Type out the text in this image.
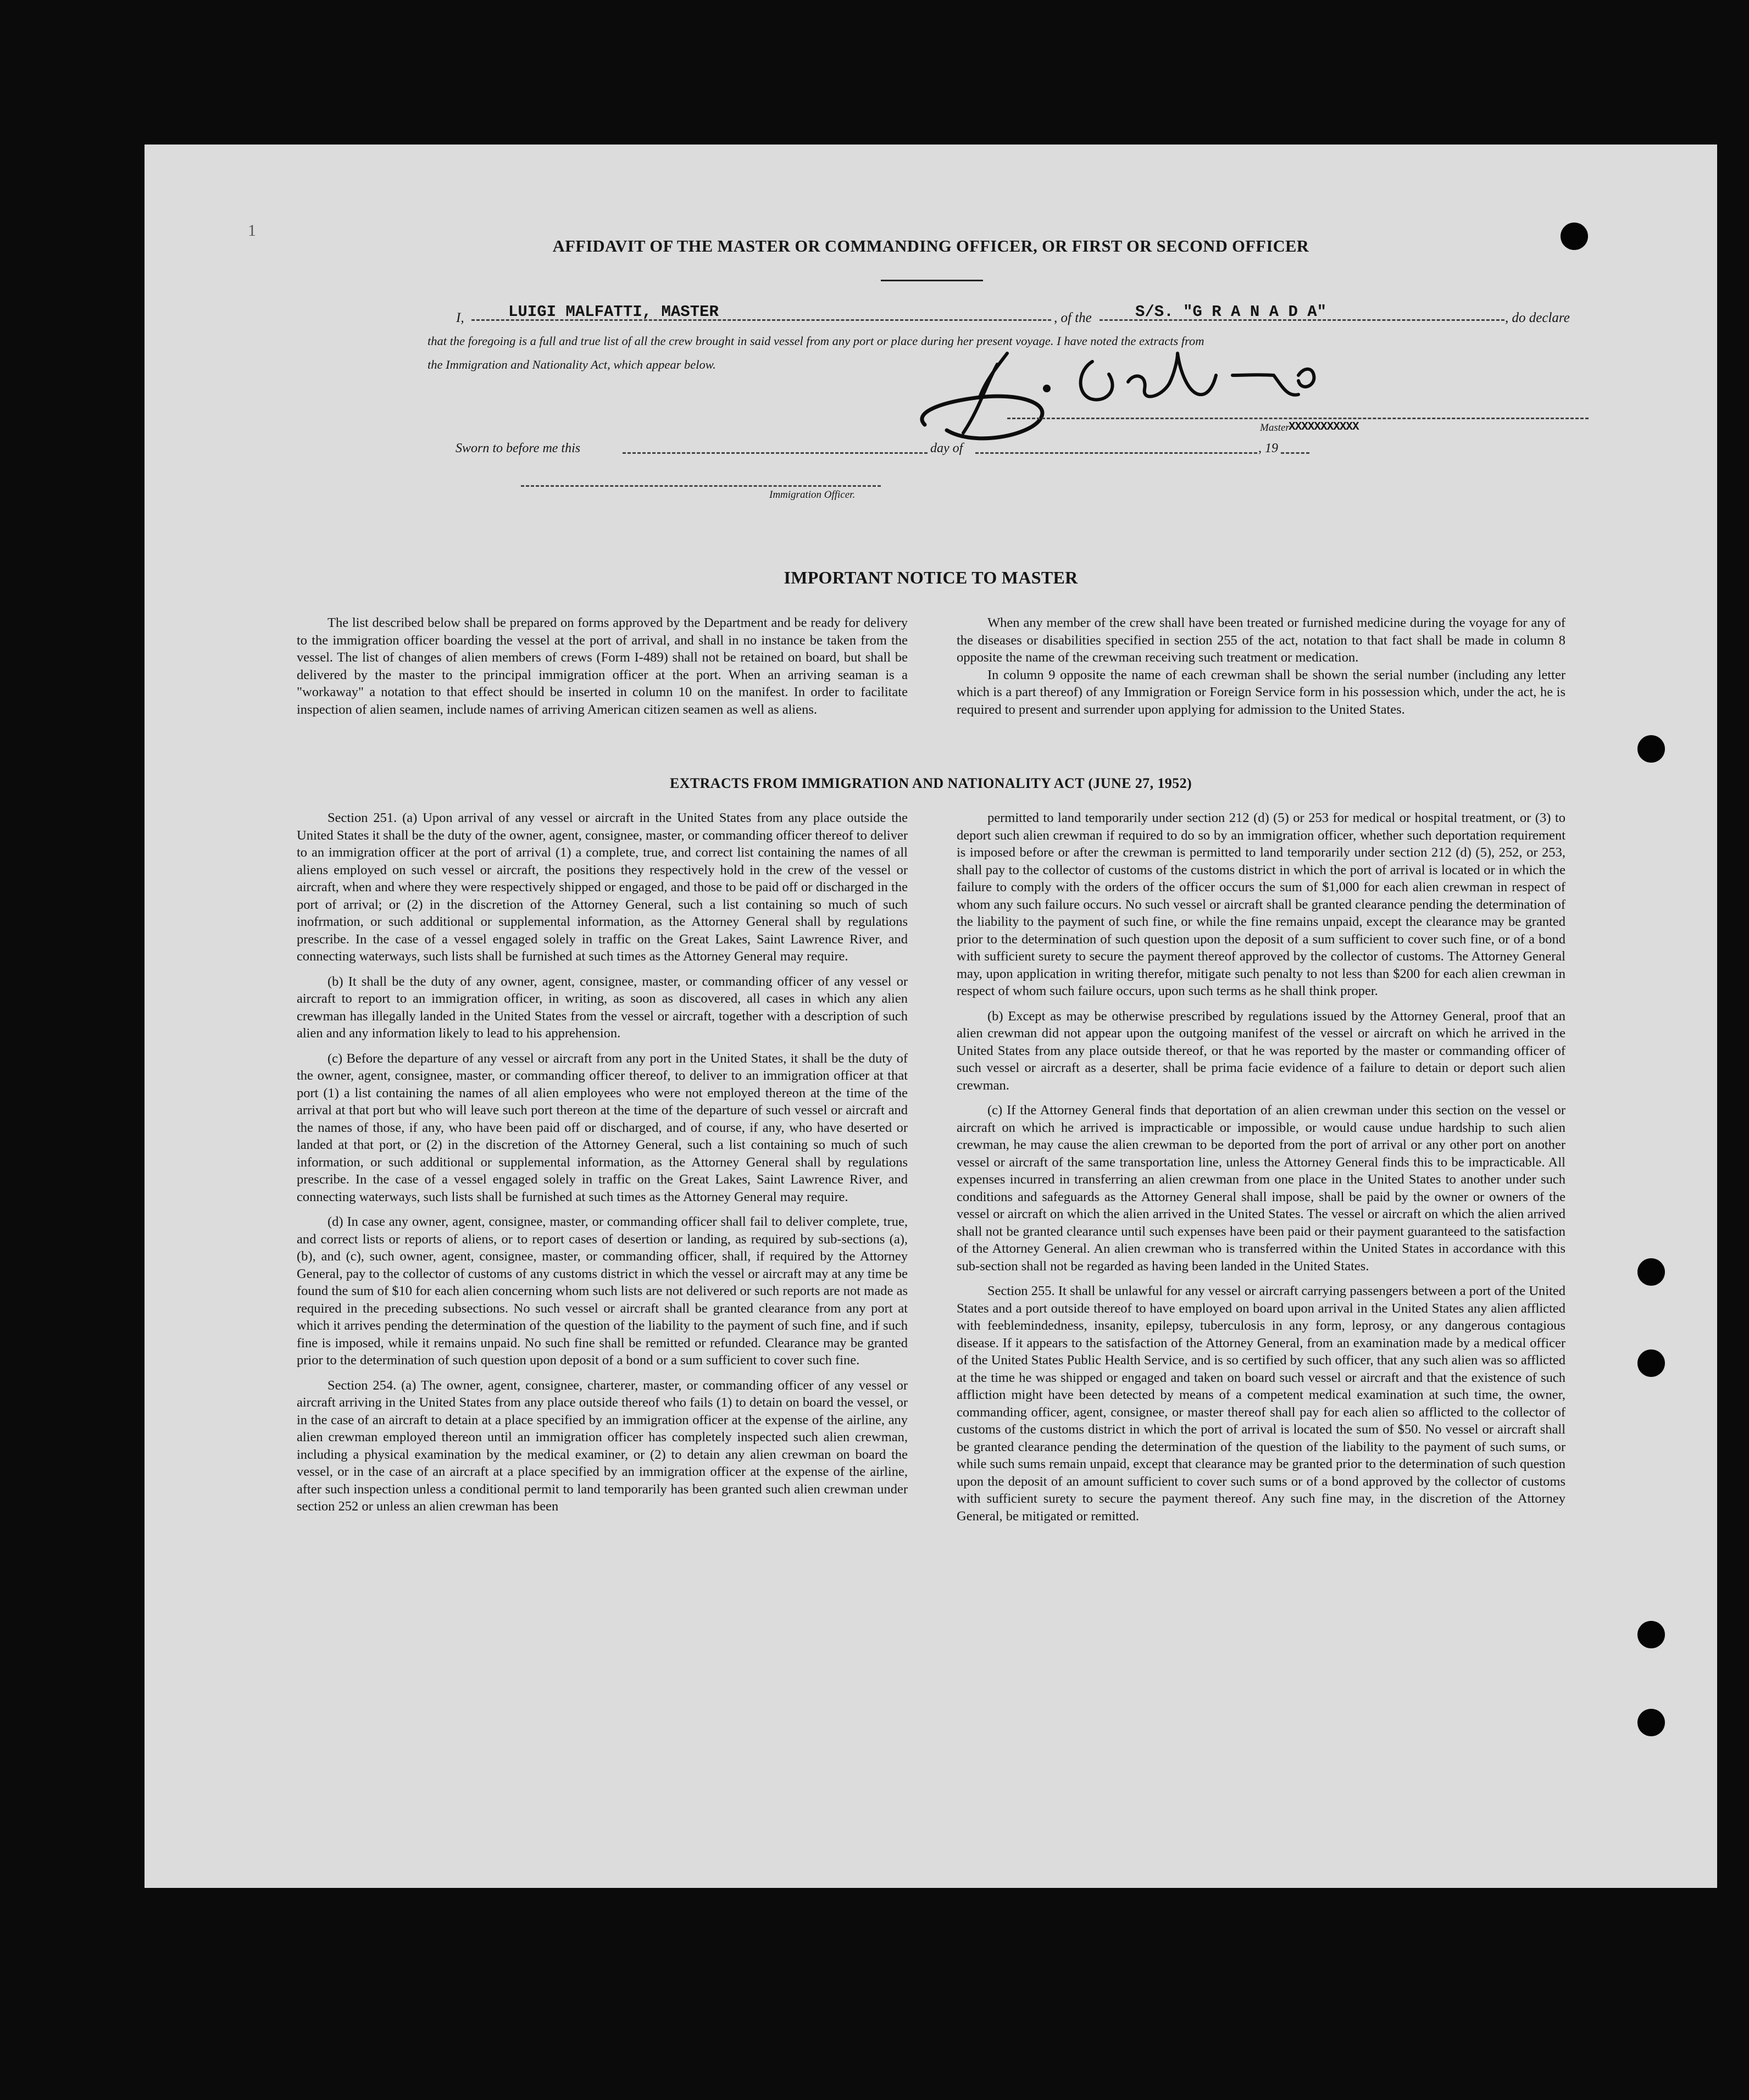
1
AFFIDAVIT OF THE MASTER OR COMMANDING OFFICER, OR FIRST OR SECOND OFFICER
I,	LUIGI MALFATTI, MASTER	, of the	S/S. "G R A N A D A"	, do declare
that the foregoing is a full and true list of all the crew brought in said vessel from any port or place during her present voyage. I have noted the extracts from
the Immigration and Nationality Act, which appear below.
Master
XXXXXXXXXXX
Sworn to before me this	day of	, 19
Immigration Officer.
IMPORTANT NOTICE TO MASTER

The list described below shall be prepared on forms approved by the Department and be ready for delivery to the immigration officer boarding the vessel at the port of arrival, and shall in no instance be taken from the vessel. The list of changes of alien members of crews (Form I-489) shall not be retained on board, but shall be delivered by the master to the principal immigration officer at the port. When an arriving seaman is a "workaway" a notation to that effect should be inserted in column 10 on the manifest. In order to facilitate inspection of alien seamen, include names of arriving American citizen seamen as well as aliens.

When any member of the crew shall have been treated or furnished medicine during the voyage for any of the diseases or disabilities specified in section 255 of the act, notation to that fact shall be made in column 8 opposite the name of the crewman receiving such treatment or medication.

In column 9 opposite the name of each crewman shall be shown the serial number (including any letter which is a part thereof) of any Immigration or Foreign Service form in his possession which, under the act, he is required to present and surrender upon applying for admission to the United States.

EXTRACTS FROM IMMIGRATION AND NATIONALITY ACT (JUNE 27, 1952)

Section 251. (a) Upon arrival of any vessel or aircraft in the United States from any place outside the United States it shall be the duty of the owner, agent, consignee, master, or commanding officer thereof to deliver to an immigration officer at the port of arrival (1) a complete, true, and correct list containing the names of all aliens employed on such vessel or aircraft, the positions they respectively hold in the crew of the vessel or aircraft, when and where they were respectively shipped or engaged, and those to be paid off or discharged in the port of arrival; or (2) in the discretion of the Attorney General, such a list containing so much of such inofrmation, or such additional or supplemental information, as the Attorney General shall by regulations prescribe. In the case of a vessel engaged solely in traffic on the Great Lakes, Saint Lawrence River, and connecting waterways, such lists shall be furnished at such times as the Attorney General may require.

(b) It shall be the duty of any owner, agent, consignee, master, or commanding officer of any vessel or aircraft to report to an immigration officer, in writing, as soon as discovered, all cases in which any alien crewman has illegally landed in the United States from the vessel or aircraft, together with a description of such alien and any information likely to lead to his apprehension.

(c) Before the departure of any vessel or aircraft from any port in the United States, it shall be the duty of the owner, agent, consignee, master, or commanding officer thereof, to deliver to an immigration officer at that port (1) a list containing the names of all alien employees who were not employed thereon at the time of the arrival at that port but who will leave such port thereon at the time of the departure of such vessel or aircraft and the names of those, if any, who have been paid off or discharged, and of course, if any, who have deserted or landed at that port, or (2) in the discretion of the Attorney General, such a list containing so much of such information, or such additional or supplemental information, as the Attorney General shall by regulations prescribe. In the case of a vessel engaged solely in traffic on the Great Lakes, Saint Lawrence River, and connecting waterways, such lists shall be furnished at such times as the Attorney General may require.

(d) In case any owner, agent, consignee, master, or commanding officer shall fail to deliver complete, true, and correct lists or reports of aliens, or to report cases of desertion or landing, as required by sub-sections (a), (b), and (c), such owner, agent, consignee, master, or commanding officer, shall, if required by the Attorney General, pay to the collector of customs of any customs district in which the vessel or aircraft may at any time be found the sum of $10 for each alien concerning whom such lists are not delivered or such reports are not made as required in the preceding subsections. No such vessel or aircraft shall be granted clearance from any port at which it arrives pending the determination of the question of the liability to the payment of such fine, and if such fine is imposed, while it remains unpaid. No such fine shall be remitted or refunded. Clearance may be granted prior to the determination of such question upon deposit of a bond or a sum sufficient to cover such fine.

Section 254. (a) The owner, agent, consignee, charterer, master, or commanding officer of any vessel or aircraft arriving in the United States from any place outside thereof who fails (1) to detain on board the vessel, or in the case of an aircraft to detain at a place specified by an immigration officer at the expense of the airline, any alien crewman employed thereon until an immigration officer has completely inspected such alien crewman, including a physical examination by the medical examiner, or (2) to detain any alien crewman on board the vessel, or in the case of an aircraft at a place specified by an immigration officer at the expense of the airline, after such inspection unless a conditional permit to land temporarily has been granted such alien crewman under section 252 or unless an alien crewman has been

permitted to land temporarily under section 212 (d) (5) or 253 for medical or hospital treatment, or (3) to deport such alien crewman if required to do so by an immigration officer, whether such deportation requirement is imposed before or after the crewman is permitted to land temporarily under section 212 (d) (5), 252, or 253, shall pay to the collector of customs of the customs district in which the port of arrival is located or in which the failure to comply with the orders of the officer occurs the sum of $1,000 for each alien crewman in respect of whom any such failure occurs. No such vessel or aircraft shall be granted clearance pending the determination of the liability to the payment of such fine, or while the fine remains unpaid, except the clearance may be granted prior to the determination of such question upon the deposit of a sum sufficient to cover such fine, or of a bond with sufficient surety to secure the payment thereof approved by the collector of customs. The Attorney General may, upon application in writing therefor, mitigate such penalty to not less than $200 for each alien crewman in respect of whom such failure occurs, upon such terms as he shall think proper.

(b) Except as may be otherwise prescribed by regulations issued by the Attorney General, proof that an alien crewman did not appear upon the outgoing manifest of the vessel or aircraft on which he arrived in the United States from any place outside thereof, or that he was reported by the master or commanding officer of such vessel or aircraft as a deserter, shall be prima facie evidence of a failure to detain or deport such alien crewman.

(c) If the Attorney General finds that deportation of an alien crewman under this section on the vessel or aircraft on which he arrived is impracticable or impossible, or would cause undue hardship to such alien crewman, he may cause the alien crewman to be deported from the port of arrival or any other port on another vessel or aircraft of the same transportation line, unless the Attorney General finds this to be impracticable. All expenses incurred in transferring an alien crewman from one place in the United States to another under such conditions and safeguards as the Attorney General shall impose, shall be paid by the owner or owners of the vessel or aircraft on which the alien arrived in the United States. The vessel or aircraft on which the alien arrived shall not be granted clearance until such expenses have been paid or their payment guaranteed to the satisfaction of the Attorney General. An alien crewman who is transferred within the United States in accordance with this sub-section shall not be regarded as having been landed in the United States.

Section 255. It shall be unlawful for any vessel or aircraft carrying passengers between a port of the United States and a port outside thereof to have employed on board upon arrival in the United States any alien afflicted with feeblemindedness, insanity, epilepsy, tuberculosis in any form, leprosy, or any dangerous contagious disease. If it appears to the satisfaction of the Attorney General, from an examination made by a medical officer of the United States Public Health Service, and is so certified by such officer, that any such alien was so afflicted at the time he was shipped or engaged and taken on board such vessel or aircraft and that the existence of such affliction might have been detected by means of a competent medical examination at such time, the owner, commanding officer, agent, consignee, or master thereof shall pay for each alien so afflicted to the collector of customs of the customs district in which the port of arrival is located the sum of $50. No vessel or aircraft shall be granted clearance pending the determination of the question of the liability to the payment of such sums, or while such sums remain unpaid, except that clearance may be granted prior to the determination of such question upon the deposit of an amount sufficient to cover such sums or of a bond approved by the collector of customs with sufficient surety to secure the payment thereof. Any such fine may, in the discretion of the Attorney General, be mitigated or remitted.
